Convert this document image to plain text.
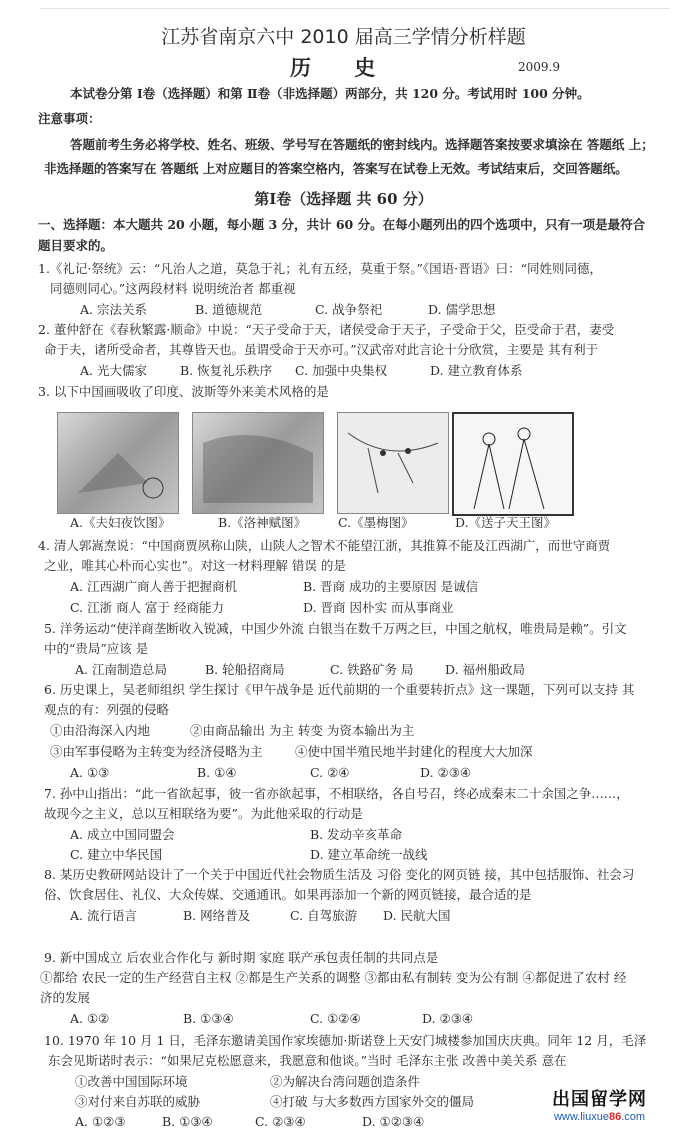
江苏省南京六中 2010 届高三学情分析样题
历 史	2009.9
本试卷分第 Ⅰ卷（选择题）和第 Ⅱ卷（非选择题）两部分，共 120 分。考试用时 100 分钟。
注意事项：
答题前考生务必将学校、姓名、班级、学号写在答题纸的密封线内。选择题答案按要求填涂在 答题纸 上；
非选择题的答案写在 答题纸 上对应题目的答案空格内，答案写在试卷上无效。考试结束后，交回答题纸。
第Ⅰ卷（选择题 共 60 分）
一、选择题：本大题共 20 小题，每小题 3 分，共计 60 分。在每小题列出的四个选项中，只有一项是最符合
题目要求的。
1.《礼记·祭统》云：“凡治人之道，莫急于礼；礼有五经，莫重于祭。”《国语·晋语》曰：“同姓则同德，
同德则同心。”这两段材料 说明统治者 都重视
A. 宗法关系	B. 道德规范	C. 战争祭祀	D. 儒学思想
2. 董仲舒在《春秋繁露·顺命》中说：“天子受命于天，诸侯受命于天子，子受命于父，臣受命于君，妻受
命于夫，诸所受命者，其尊皆天也。虽谓受命于天亦可。”汉武帝对此言论十分欣赏，主要是 其有利于
A. 光大儒家	B. 恢复礼乐秩序 C. 加强中央集权	D. 建立教育体系
3. 以下中国画吸收了印度、波斯等外来美术风格的是
A.《夫妇夜饮图》	B.《洛神赋图》	C.《墨梅图》	D.《送子天王图》
4. 清人郭嵩焘说：“中国商贾夙称山陕，山陕人之智术不能望江浙，其推算不能及江西湖广，而世守商贾
之业，唯其心朴而心实也”。对这一材料理解 错误 的是
A. 江西湖广商人善于把握商机	B. 晋商 成功的主要原因 是诚信
C. 江浙 商人 富于 经商能力	D. 晋商 因朴实 而从事商业
5. 洋务运动“使洋商垄断收入锐减，中国少外流 白银当在数千万两之巨，中国之航权，唯贵局是赖”。引文
中的“贵局”应该 是
A. 江南制造总局	B. 轮船招商局	C. 铁路矿务 局	D. 福州船政局
6. 历史课上，吴老师组织 学生探讨《甲午战争是 近代前期的一个重要转折点》这一课题，下列可以支持 其
观点的有：列强的侵略
①由沿海深入内地	②由商品输出 为主 转变 为资本输出为主
③由军事侵略为主转变为经济侵略为主	④使中国半殖民地半封建化的程度大大加深
A. ①③	B. ①④	C. ②④	D. ②③④
7. 孙中山指出：“此一省欲起事，彼一省亦欲起事，不相联络，各自号召，终必成秦末二十余国之争……，
故现今之主义，总以互相联络为要”。为此他采取的行动是
A. 成立中国同盟会	B. 发动辛亥革命
C. 建立中华民国	D. 建立革命统一战线
8. 某历史教研网站设计了一个关于中国近代社会物质生活及 习俗 变化的网页链 接，其中包括服饰、社会习
俗、饮食居住、礼仪、大众传媒、交通通讯。如果再添加一个新的网页链接，最合适的是
A. 流行语言	B. 网络普及	C. 自驾旅游 D. 民航大国
9. 新中国成立 后农业合作化与 新时期 家庭 联产承包责任制的共同点是
①都给 农民一定的生产经营自主权 ②都是生产关系的调整 ③都由私有制转 变为公有制 ④都促进了农村 经
济的发展
A. ①②	B. ①③④	C. ①②④	D. ②③④
10. 1970 年 10 月 1 日，毛泽东邀请美国作家埃德加·斯诺登上天安门城楼参加国庆庆典。同年 12 月，毛泽
东会见斯诺时表示：“如果尼克松愿意来，我愿意和他谈。”当时 毛泽东主张 改善中美关系 意在
①改善中国国际环境	②为解决台湾问题创造条件
③对付来自苏联的威胁	④打破 与大多数西方国家外交的僵局
A. ①②③	B. ①③④	C. ②③④	D. ①②③④
出国留学网
www.liuxue86.com
